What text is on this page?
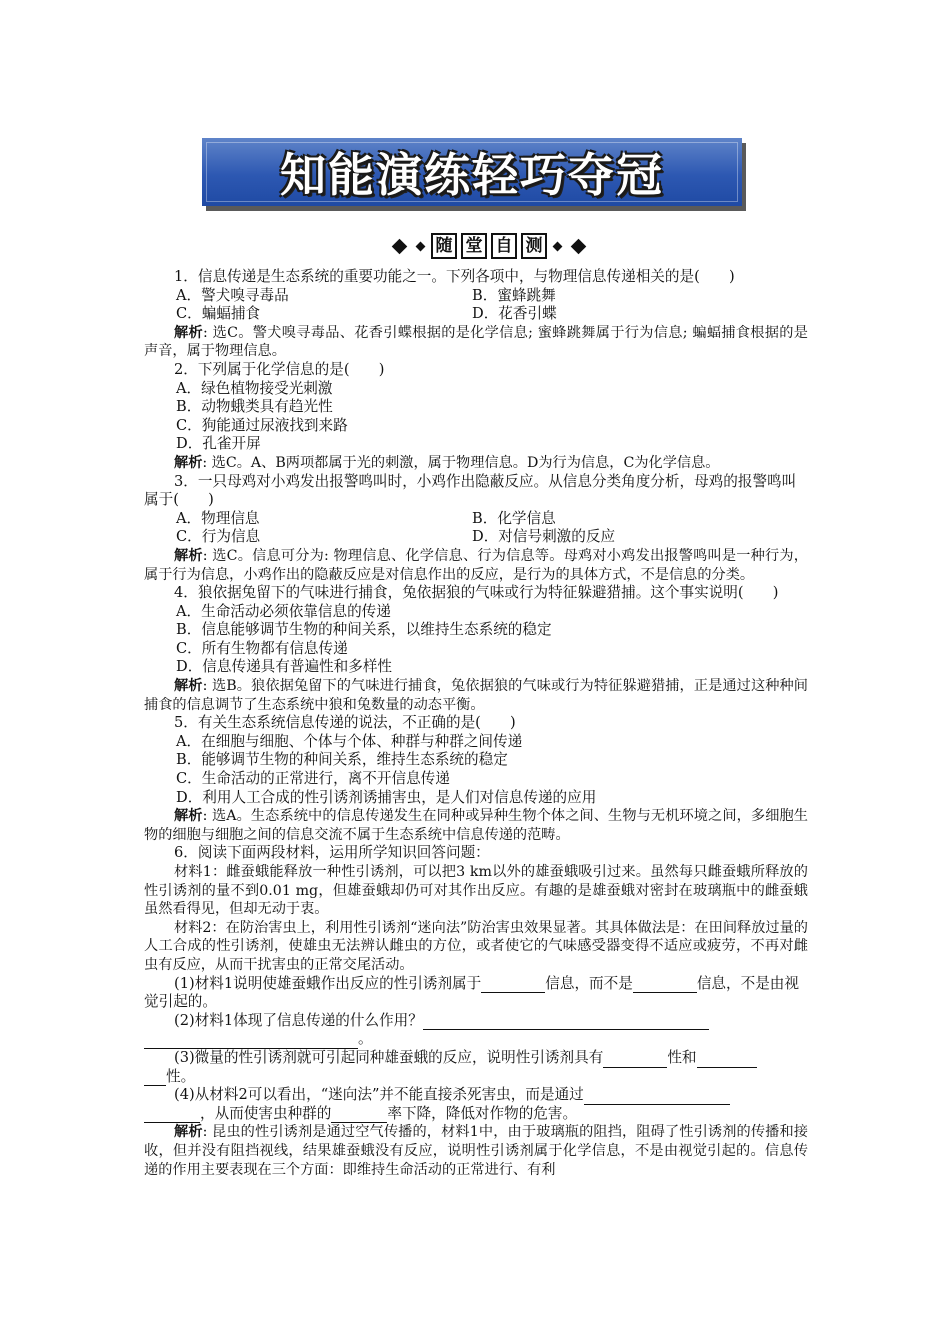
知能演练轻巧夺冠
随 堂 自 测

1．信息传递是生态系统的重要功能之一。下列各项中，与物理信息传递相关的是(　　)

A．警犬嗅寻毒品	B．蜜蜂跳舞
C．蝙蝠捕食	D．花香引蝶

解析: 选C。警犬嗅寻毒品、花香引蝶根据的是化学信息; 蜜蜂跳舞属于行为信息; 蝙蝠捕食根据的是声音，属于物理信息。

2．下列属于化学信息的是(　　)

A．绿色植物接受光刺激

B．动物蛾类具有趋光性

C．狗能通过尿液找到来路

D．孔雀开屏

解析: 选C。A、B两项都属于光的刺激，属于物理信息。D为行为信息，C为化学信息。

3．一只母鸡对小鸡发出报警鸣叫时，小鸡作出隐蔽反应。从信息分类角度分析，母鸡的报警鸣叫属于(　　)

A．物理信息	B．化学信息
C．行为信息	D．对信号刺激的反应

解析: 选C。信息可分为: 物理信息、化学信息、行为信息等。母鸡对小鸡发出报警鸣叫是一种行为，属于行为信息，小鸡作出的隐蔽反应是对信息作出的反应，是行为的具体方式，不是信息的分类。

4．狼依据兔留下的气味进行捕食，兔依据狼的气味或行为特征躲避猎捕。这个事实说明(　　)

A．生命活动必须依靠信息的传递

B．信息能够调节生物的种间关系，以维持生态系统的稳定

C．所有生物都有信息传递

D．信息传递具有普遍性和多样性

解析: 选B。狼依据兔留下的气味进行捕食，兔依据狼的气味或行为特征躲避猎捕，正是通过这种种间捕食的信息调节了生态系统中狼和兔数量的动态平衡。

5．有关生态系统信息传递的说法，不正确的是(　　)

A．在细胞与细胞、个体与个体、种群与种群之间传递

B．能够调节生物的种间关系，维持生态系统的稳定

C．生命活动的正常进行，离不开信息传递

D．利用人工合成的性引诱剂诱捕害虫，是人们对信息传递的应用

解析: 选A。生态系统中的信息传递发生在同种或异种生物个体之间、生物与无机环境之间，多细胞生物的细胞与细胞之间的信息交流不属于生态系统中信息传递的范畴。

6．阅读下面两段材料，运用所学知识回答问题：

材料1：雌蚕蛾能释放一种性引诱剂，可以把3 km以外的雄蚕蛾吸引过来。虽然每只雌蚕蛾所释放的性引诱剂的量不到0.01 mg，但雄蚕蛾却仍可对其作出反应。有趣的是雄蚕蛾对密封在玻璃瓶中的雌蚕蛾虽然看得见，但却无动于衷。

材料2：在防治害虫上，利用性引诱剂“迷向法”防治害虫效果显著。其具体做法是：在田间释放过量的人工合成的性引诱剂，使雄虫无法辨认雌虫的方位，或者使它的气味感受器变得不适应或疲劳，不再对雌虫有反应，从而干扰害虫的正常交尾活动。

(1)材料1说明使雄蚕蛾作出反应的性引诱剂属于	信息，而不是	信息，不是由视觉引起的。

(2)材料1体现了信息传递的什么作用？
。

(3)微量的性引诱剂就可引起同种雄蚕蛾的反应，说明性引诱剂具有	性和
性。

(4)从材料2可以看出，“迷向法”并不能直接杀死害虫，而是通过
，从而使害虫种群的	率下降，降低对作物的危害。

解析: 昆虫的性引诱剂是通过空气传播的，材料1中，由于玻璃瓶的阻挡，阻碍了性引诱剂的传播和接收，但并没有阻挡视线，结果雄蚕蛾没有反应，说明性引诱剂属于化学信息，不是由视觉引起的。信息传递的作用主要表现在三个方面：即维持生命活动的正常进行、有利
